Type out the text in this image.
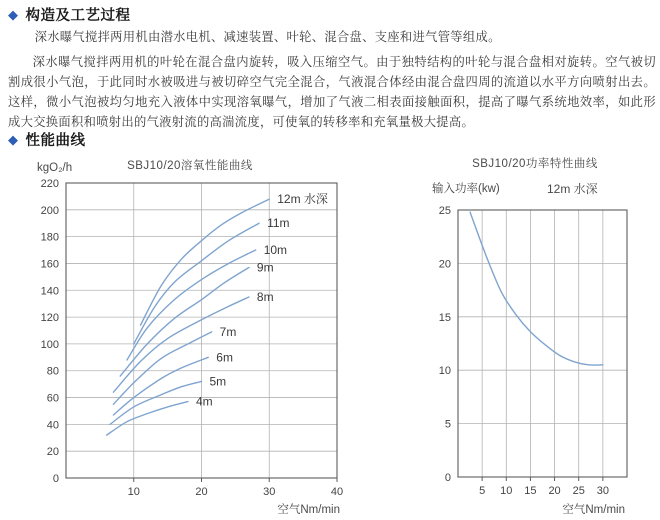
◆ 构造及工艺过程

深水曝气搅拌两用机由潜水电机、减速装置、叶轮、混合盘、支座和进气管等组成。

深水曝气搅拌两用机的叶轮在混合盘内旋转，吸入压缩空气。由于独特结构的叶轮与混合盘相对旋转。空气被切割成很小气泡，于此同时水被吸进与被切碎空气完全混合，气液混合体经由混合盘四周的流道以水平方向喷射出去。这样，微小气泡被均匀地充入液体中实现溶氧曝气，增加了气液二相表面接触面积，提高了曝气系统地效率，如此形成大交换面积和喷射出的气液射流的高湍流度，可使氧的转移率和充氧量极大提高。

◆ 性能曲线
SBJ10/20溶氧性能曲线
kgO₂/h
0
20
40
60
80
100
120
140
160
180
200
220
10	20	30	40
4m
5m
6m
7m
8m
9m
10m
11m
12m 水深
空气Nm/min
SBJ10/20功率特性曲线
输入功率(kw)	12m 水深
0
5
10
15
20
25
5 10 15 20 25 30
空气Nm/min
